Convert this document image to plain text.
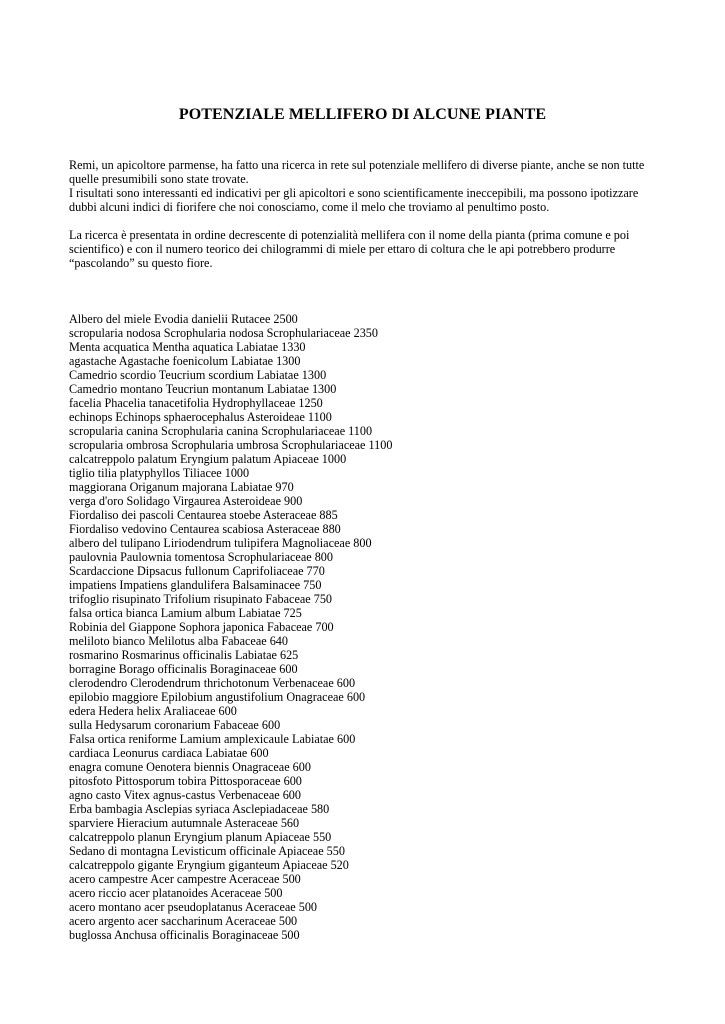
POTENZIALE MELLIFERO DI ALCUNE PIANTE

Remi, un apicoltore parmense, ha fatto una ricerca in rete sul potenziale mellifero di diverse piante, anche se non tutte
quelle presumibili sono state trovate.
I risultati sono interessanti ed indicativi per gli apicoltori e sono scientificamente ineccepibili, ma possono ipotizzare
dubbi alcuni indici di fiorifere che noi conosciamo, come il melo che troviamo al penultimo posto.

La ricerca è presentata in ordine decrescente di potenzialità mellifera con il nome della pianta (prima comune e poi
scientifico) e con il numero teorico dei chilogrammi di miele per ettaro di coltura che le api potrebbero produrre
“pascolando” su questo fiore.

Albero del miele Evodia danielii Rutacee 2500
scropularia nodosa Scrophularia nodosa Scrophulariaceae 2350
Menta acquatica Mentha aquatica Labiatae 1330
agastache Agastache foenicolum Labiatae 1300
Camedrio scordio Teucrium scordium Labiatae 1300
Camedrio montano Teucriun montanum Labiatae 1300
facelia Phacelia tanacetifolia Hydrophyllaceae 1250
echinops Echinops sphaerocephalus Asteroideae 1100
scropularia canina Scrophularia canina Scrophulariaceae 1100
scropularia ombrosa Scrophularia umbrosa Scrophulariaceae 1100
calcatreppolo palatum Eryngium palatum Apiaceae 1000
tiglio tilia platyphyllos Tiliacee 1000
maggiorana Origanum majorana Labiatae 970
verga d'oro Solidago Virgaurea Asteroideae 900
Fiordaliso dei pascoli Centaurea stoebe Asteraceae 885
Fiordaliso vedovino Centaurea scabiosa Asteraceae 880
albero del tulipano Liriodendrum tulipifera Magnoliaceae 800
paulovnia Paulownia tomentosa Scrophulariaceae 800
Scardaccione Dipsacus fullonum Caprifoliaceae 770
impatiens Impatiens glandulifera Balsaminacee 750
trifoglio risupinato Trifolium risupinato Fabaceae 750
falsa ortica bianca Lamium album Labiatae 725
Robinia del Giappone Sophora japonica Fabaceae 700
meliloto bianco Melilotus alba Fabaceae 640
rosmarino Rosmarinus officinalis Labiatae 625
borragine Borago officinalis Boraginaceae 600
clerodendro Clerodendrum thrichotonum Verbenaceae 600
epilobio maggiore Epilobium angustifolium Onagraceae 600
edera Hedera helix Araliaceae 600
sulla Hedysarum coronarium Fabaceae 600
Falsa ortica reniforme Lamium amplexicaule Labiatae 600
cardiaca Leonurus cardiaca Labiatae 600
enagra comune Oenotera biennis Onagraceae 600
pitosfoto Pittosporum tobira Pittosporaceae 600
agno casto Vitex agnus-castus Verbenaceae 600
Erba bambagia Asclepias syriaca Asclepiadaceae 580
sparviere Hieracium autumnale Asteraceae 560
calcatreppolo planun Eryngium planum Apiaceae 550
Sedano di montagna Levisticum officinale Apiaceae 550
calcatreppolo gigante Eryngium giganteum Apiaceae 520
acero campestre Acer campestre Aceraceae 500
acero riccio acer platanoides Aceraceae 500
acero montano acer pseudoplatanus Aceraceae 500
acero argento acer saccharinum Aceraceae 500
buglossa Anchusa officinalis Boraginaceae 500
